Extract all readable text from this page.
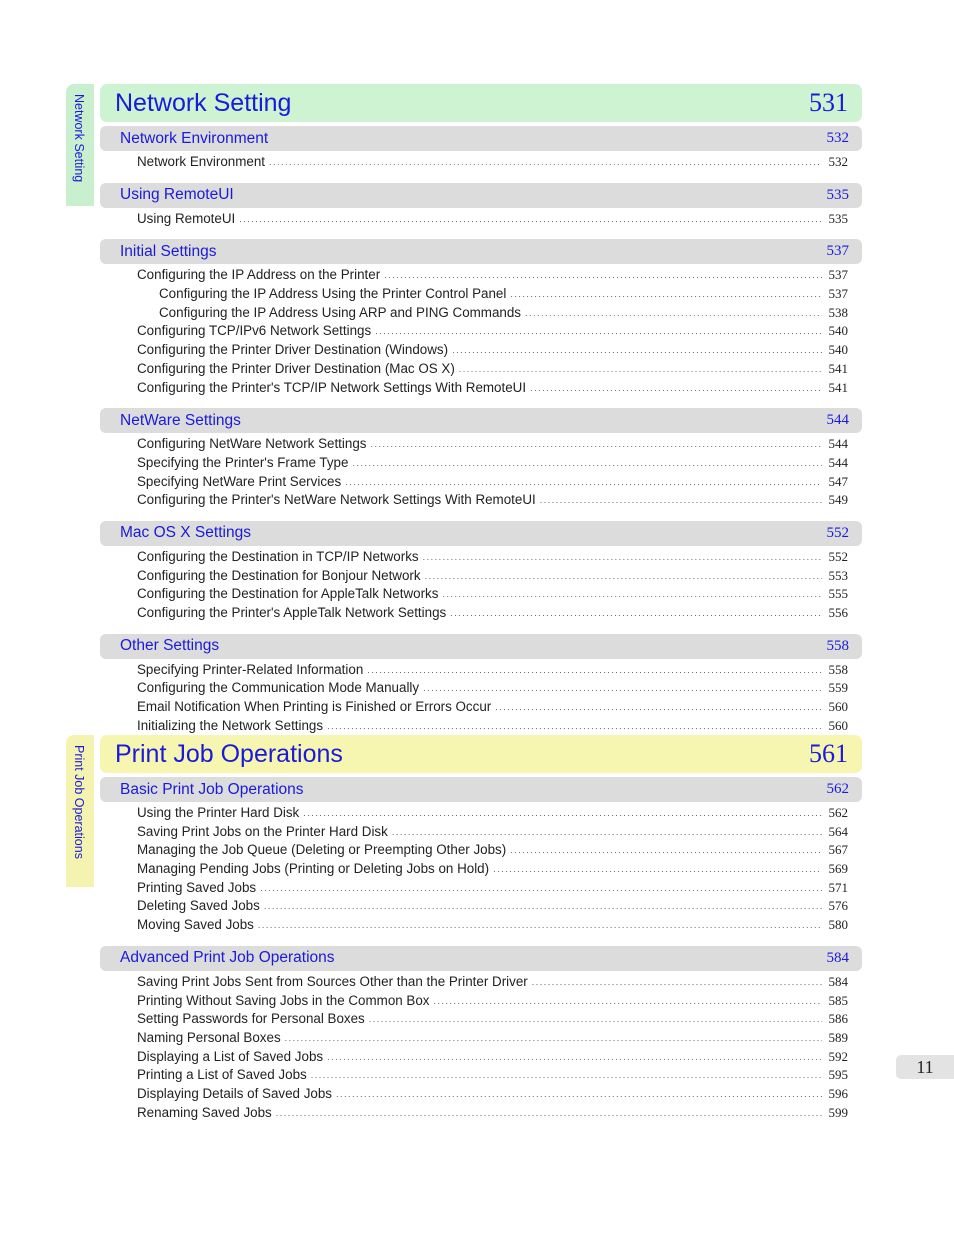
Network Setting
Print Job Operations
Network Setting	531
Network Environment	532
Network Environment .....	532
Using RemoteUI	535
Using RemoteUI .....	535
Initial Settings	537
Configuring the IP Address on the Printer .....	537
Configuring the IP Address Using the Printer Control Panel .....	537
Configuring the IP Address Using ARP and PING Commands .....	538
Configuring TCP/IPv6 Network Settings .....	540
Configuring the Printer Driver Destination (Windows) .....	540
Configuring the Printer Driver Destination (Mac OS X) .....	541
Configuring the Printer's TCP/IP Network Settings With RemoteUI .....	541
NetWare Settings	544
Configuring NetWare Network Settings .....	544
Specifying the Printer's Frame Type .....	544
Specifying NetWare Print Services .....	547
Configuring the Printer's NetWare Network Settings With RemoteUI .....	549
Mac OS X Settings	552
Configuring the Destination in TCP/IP Networks .....	552
Configuring the Destination for Bonjour Network .....	553
Configuring the Destination for AppleTalk Networks .....	555
Configuring the Printer's AppleTalk Network Settings .....	556
Other Settings	558
Specifying Printer-Related Information .....	558
Configuring the Communication Mode Manually .....	559
Email Notification When Printing is Finished or Errors Occur .....	560
Initializing the Network Settings .....	560
Print Job Operations	561
Basic Print Job Operations	562
Using the Printer Hard Disk .....	562
Saving Print Jobs on the Printer Hard Disk .....	564
Managing the Job Queue (Deleting or Preempting Other Jobs) .....	567
Managing Pending Jobs (Printing or Deleting Jobs on Hold) .....	569
Printing Saved Jobs .....	571
Deleting Saved Jobs .....	576
Moving Saved Jobs .....	580
Advanced Print Job Operations	584
Saving Print Jobs Sent from Sources Other than the Printer Driver .....	584
Printing Without Saving Jobs in the Common Box .....	585
Setting Passwords for Personal Boxes .....	586
Naming Personal Boxes .....	589
Displaying a List of Saved Jobs .....	592
Printing a List of Saved Jobs .....	595
Displaying Details of Saved Jobs .....	596
Renaming Saved Jobs .....	599
11
